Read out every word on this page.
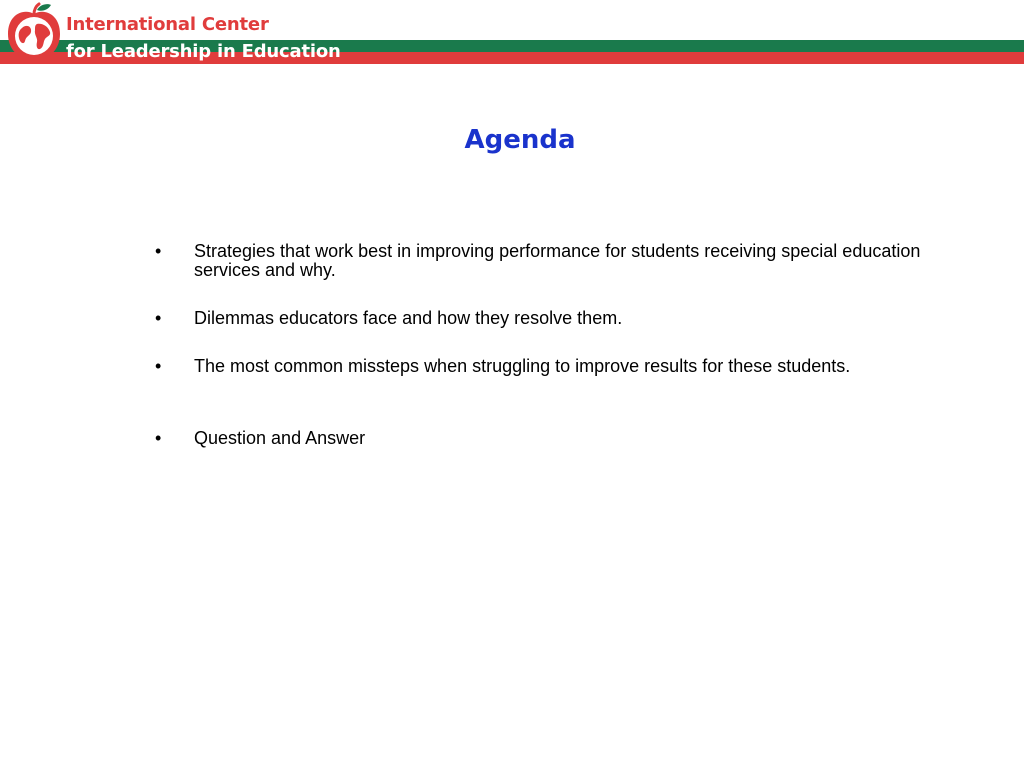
International Center
for Leadership in Education
Agenda
• Strategies that work best in improving performance for students receiving special education services and why.
• Dilemmas educators face and how they resolve them.
• The most common missteps when struggling to improve results for these students.
• Question and Answer
